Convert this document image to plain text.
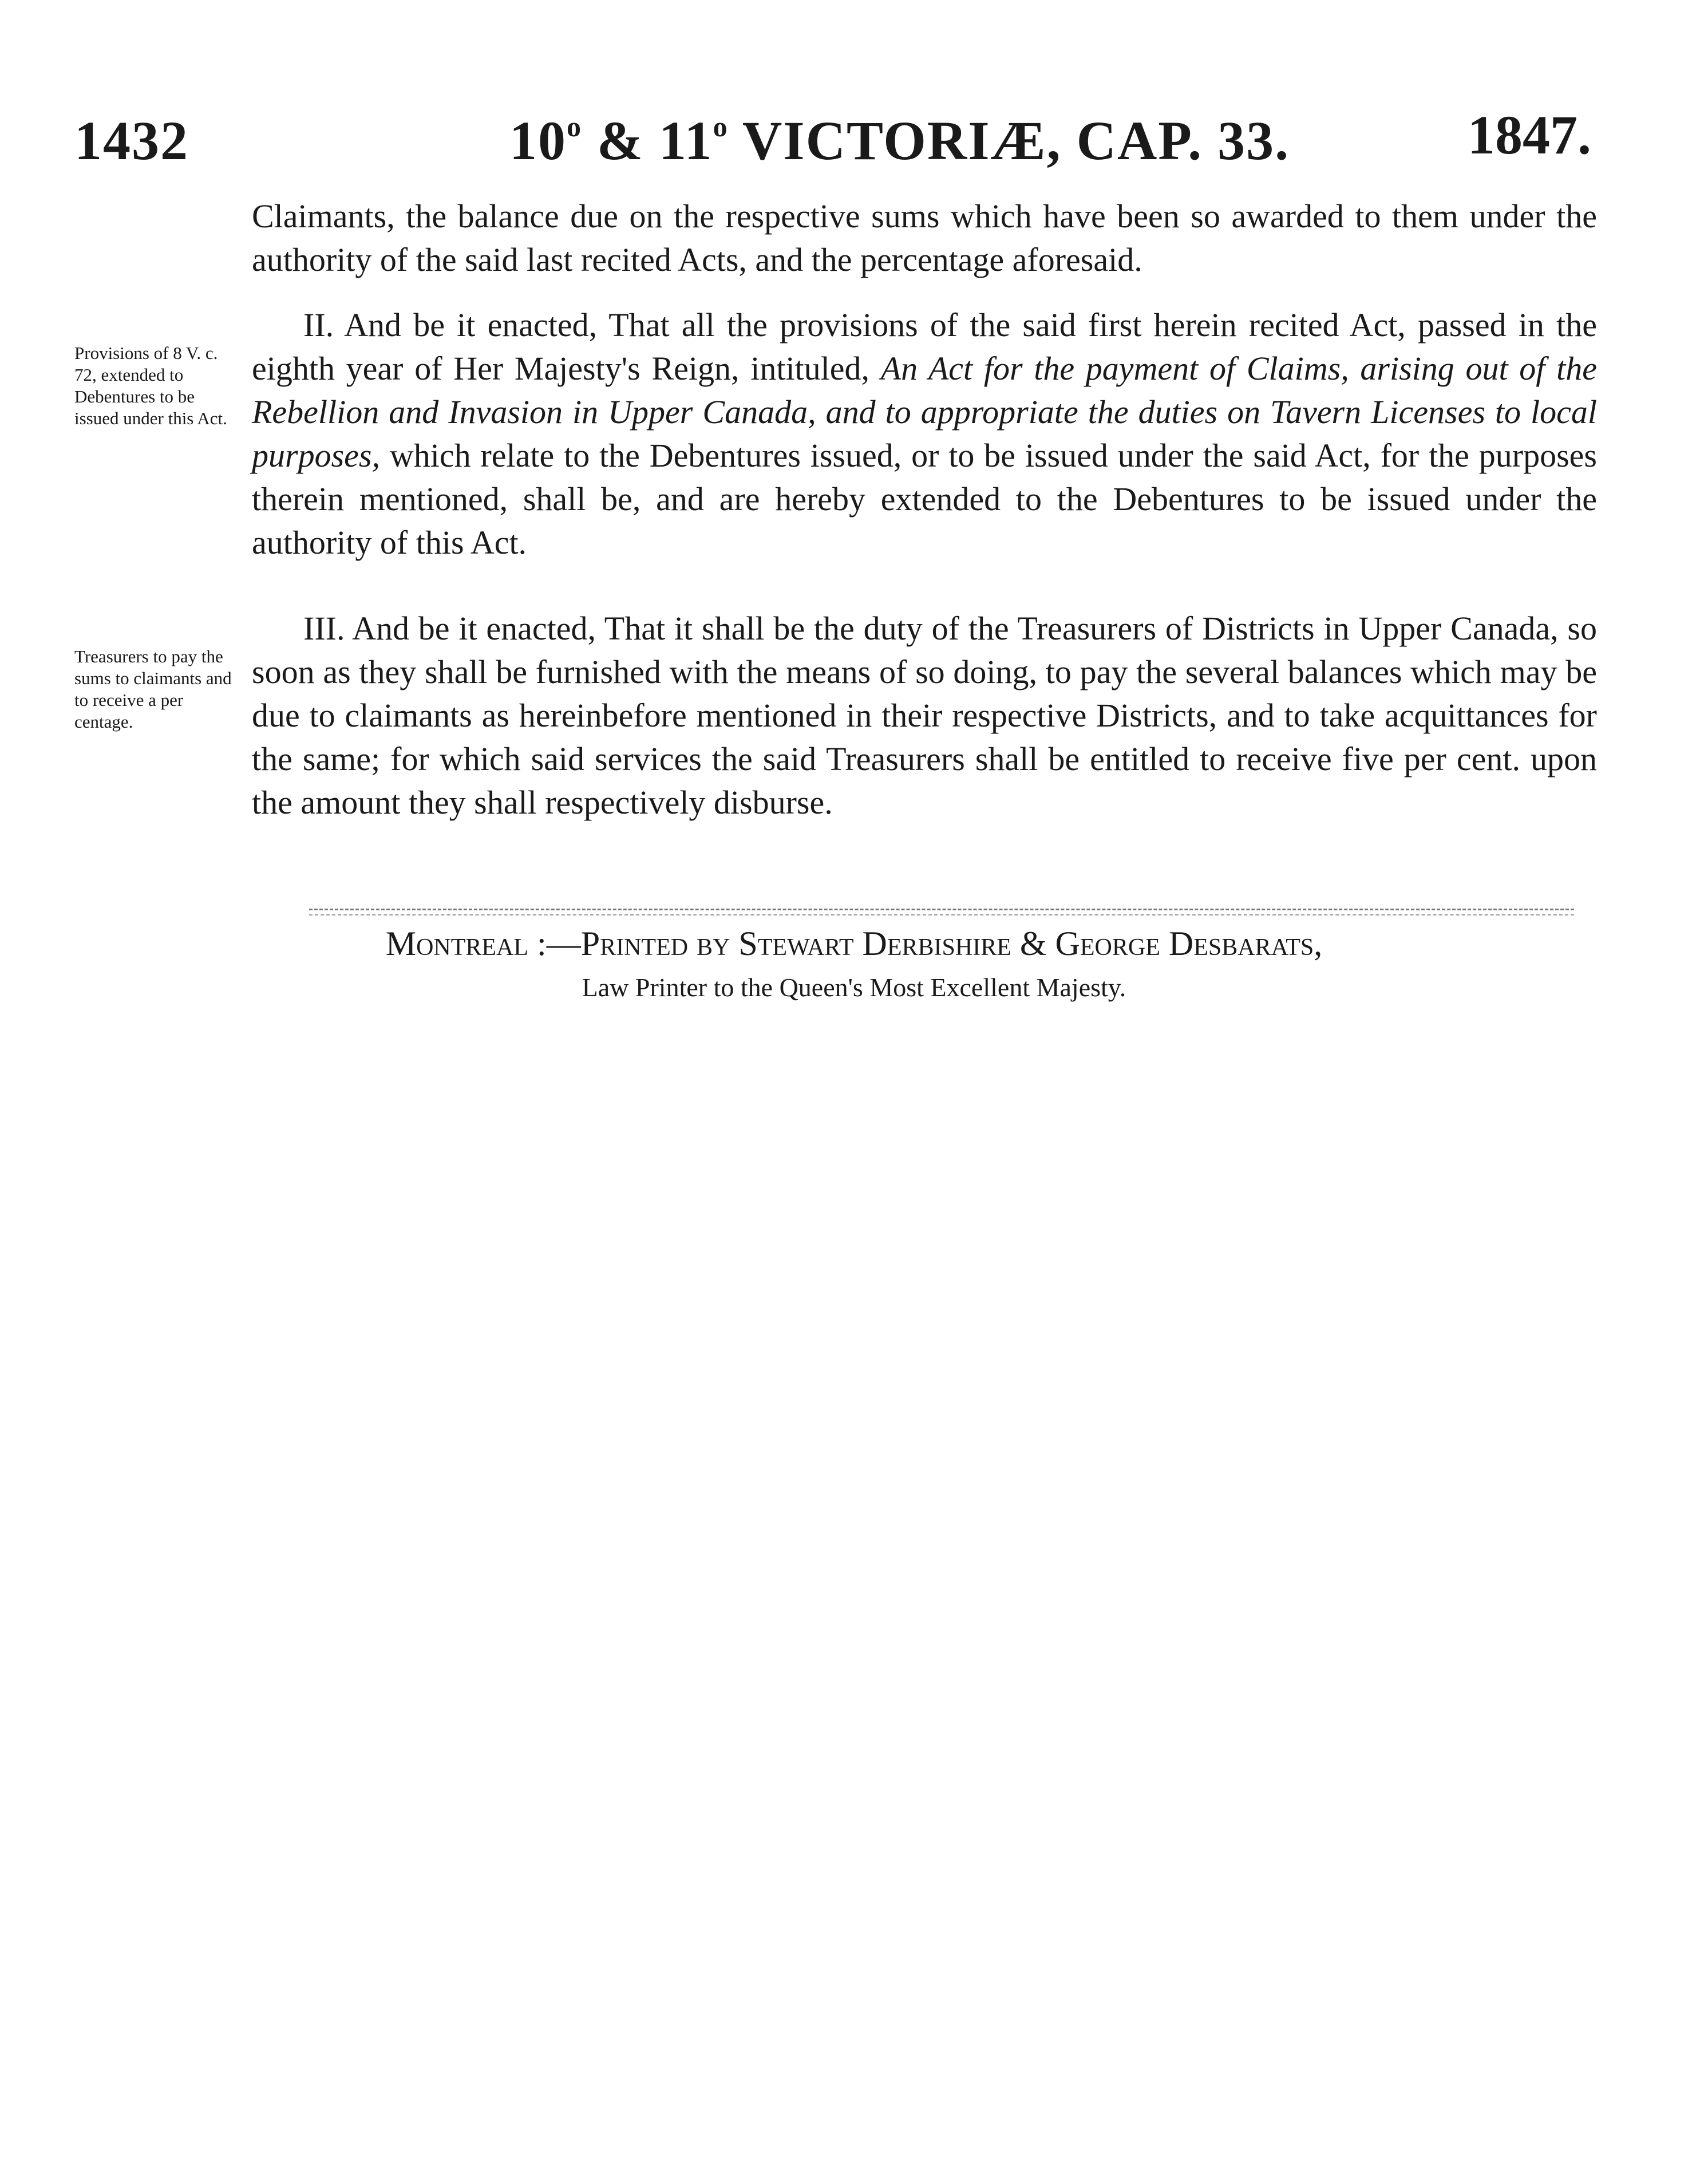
1432	10$^o$ & 11$^o$ VICTORIÆ, CAP. 33.	1847.

Claimants, the balance due on the respective sums which have been so awarded to them under the authority of the said last recited Acts, and the percentage aforesaid.

Provisions of 8 V. c. 72, extended to Debentures to be issued under this Act.

II. And be it enacted, That all the provisions of the said first herein recited Act, passed in the eighth year of Her Majesty's Reign, intituled, An Act for the payment of Claims, arising out of the Rebellion and Invasion in Upper Canada, and to appropriate the duties on Tavern Licenses to local purposes, which relate to the Debentures issued, or to be issued under the said Act, for the purposes therein mentioned, shall be, and are hereby extended to the Debentures to be issued under the authority of this Act.

Treasurers to pay the sums to claimants and to receive a per centage.

III. And be it enacted, That it shall be the duty of the Treasurers of Districts in Upper Canada, so soon as they shall be furnished with the means of so doing, to pay the several balances which may be due to claimants as hereinbefore mentioned in their respective Districts, and to take acquittances for the same; for which said services the said Treasurers shall be entitled to receive five per cent. upon the amount they shall respectively disburse.

Montreal :—Printed by Stewart Derbishire & George Desbarats,
Law Printer to the Queen's Most Excellent Majesty.
